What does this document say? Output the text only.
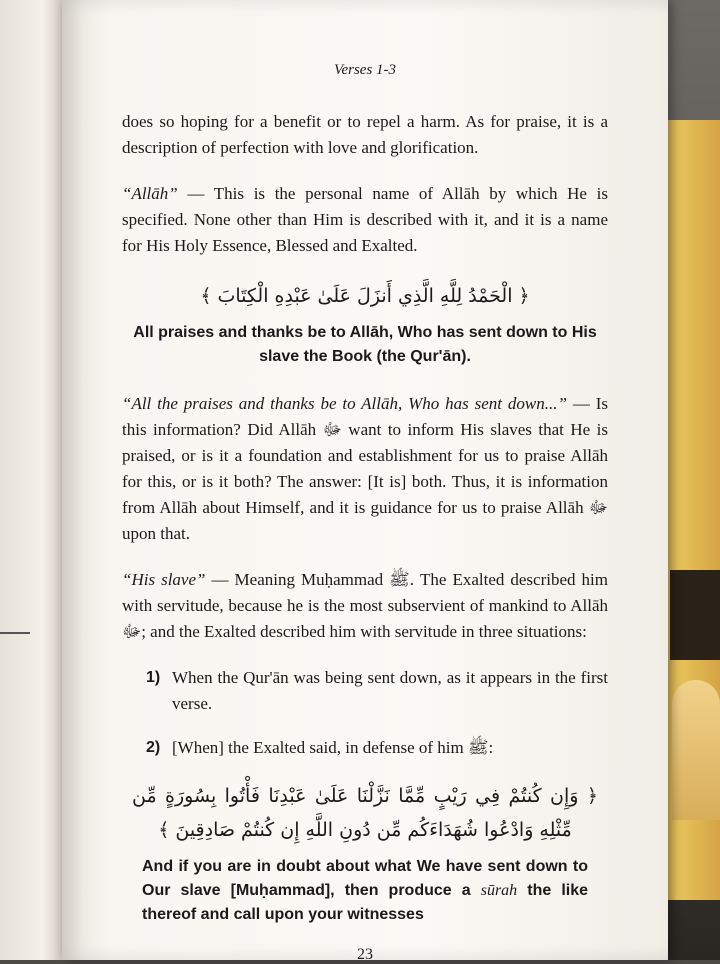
Verses 1-3

does so hoping for a benefit or to repel a harm. As for praise, it is a description of perfection with love and glorification.

“Allāh” — This is the personal name of Allāh by which He is specified. None other than Him is described with it, and it is a name for His Holy Essence, Blessed and Exalted.

﴿ الْحَمْدُ لِلَّهِ الَّذِي أَنزَلَ عَلَىٰ عَبْدِهِ الْكِتَابَ ﴾
All praises and thanks be to Allāh, Who has sent down to His slave the Book (the Qur'ān).

“All the praises and thanks be to Allāh, Who has sent down...” — Is this information? Did Allāh ﷻ want to inform His slaves that He is praised, or is it a foundation and establishment for us to praise Allāh for this, or is it both? The answer: [It is] both. Thus, it is information from Allāh about Himself, and it is guidance for us to praise Allāh ﷻ upon that.

“His slave” — Meaning Muḥammad ﷺ. The Exalted described him with servitude, because he is the most subservient of mankind to Allāh ﷻ; and the Exalted described him with servitude in three situations:

1) When the Qur'ān was being sent down, as it appears in the first verse.

2) [When] the Exalted said, in defense of him ﷺ:

﴿ وَإِن كُنتُمْ فِي رَيْبٍ مِّمَّا نَزَّلْنَا عَلَىٰ عَبْدِنَا فَأْتُوا بِسُورَةٍ مِّن مِّثْلِهِ وَادْعُوا شُهَدَاءَكُم مِّن دُونِ اللَّهِ إِن كُنتُمْ صَادِقِينَ ﴾
And if you are in doubt about what We have sent down to Our slave [Muḥammad], then produce a sūrah the like thereof and call upon your witnesses
23
